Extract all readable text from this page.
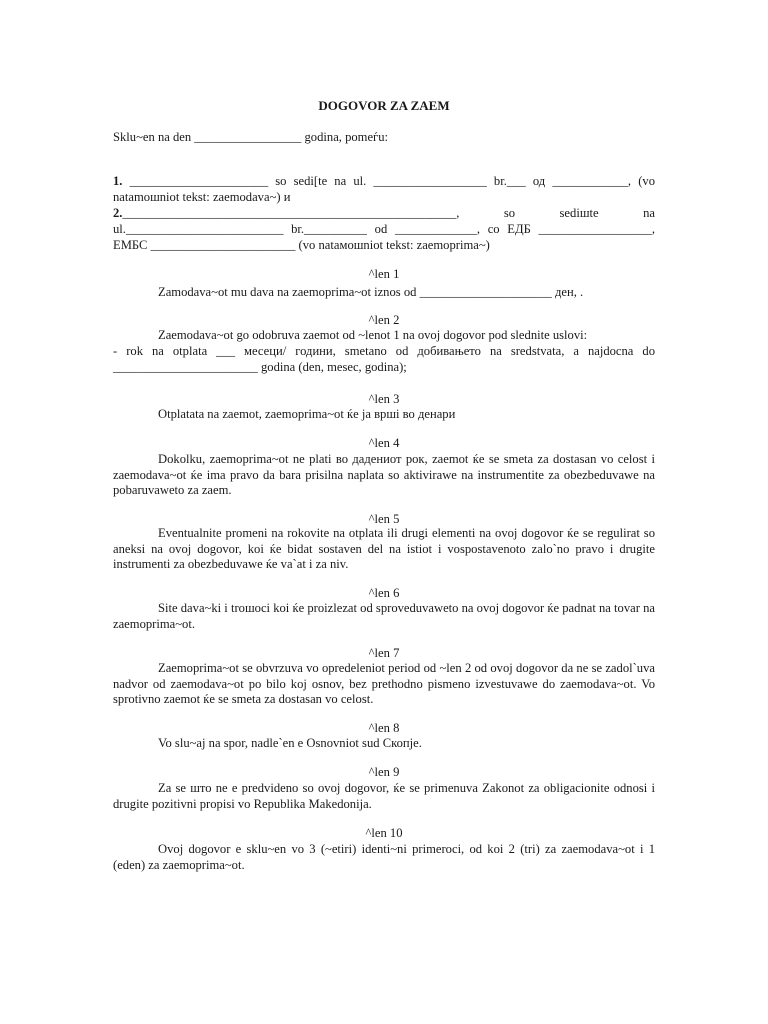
DOGOVOR ZA ZAEM
Sklu~en na den _________________ godina, pomeѓu:
1. ______________________ so sedi[te na ul. __________________ br.___ од ____________, (vo
natamoшniot tekst: zaemodava~) и
2._____________________________________________________, so sediшte na
ul._________________________ br.__________ od _____________, со ЕДБ __________________,
ЕМБС _______________________ (vo nataмошniot tekst: zaemoprima~)
^len 1
Zamodava~ot mu dava na zaemoprima~ot iznos od _____________________ ден, .
^len 2
Zaemodava~ot go odobruva zaemot od ~lenot 1 na ovoj dogovor pod slednite uslovi:
- rok na otplata ___ месеци/ години, smetano od добивањето na sredstvata, a najdocna do _______________________ godina (den, mesec, godina);
^len 3
Otplatata na zaemot, zaemoprima~ot ќе ja вршi во денари
^len 4
Dokolku, zaemoprima~ot ne plati во дадениот рок, zaemot ќе se smeta za dostasan vo celost i zaemodava~ot ќе ima pravo da bara prisilna naplata so aktivirawe na instrumentite za obezbeduvawe na pobaruvaweto za zaem.
^len 5
Eventualnite promeni na rokovite na otplata ili drugi elementi na ovoj dogovor ќе se regulirat so aneksi na ovoj dogovor, koi ќе bidat sostaven del na istiot i vospostavenoto zalo`no pravo i drugite instrumenti za obezbeduvawe ќе va`at i za niv.
^len 6
Site dava~ki i troшoci koi ќе proizlezat od sproveduvaweto na ovoj dogovor ќе padnat na tovar na zaemoprima~ot.
^len 7
Zaemoprima~ot se obvrzuva vo opredeleniot period od ~len 2 od ovoj dogovor da ne se zadol`uva nadvor od zaemodava~ot po bilo koj osnov, bez prethodno pismeno izvestuvawe do zaemodava~ot. Vo sprotivno zaemot ќе se smeta za dostasan vo celost.
^len 8
Vo slu~aj na spor, nadle`en e Osnovniot sud Скопје.
^len 9
Za se што ne e predvideno so ovoj dogovor, ќе se primenuva Zakonot za obligacionite odnosi i drugite pozitivni propisi vo Republika Makedonija.
^len 10
Ovoj dogovor e sklu~en vo 3 (~etiri) identi~ni primeroci, od koi 2 (tri) za zaemodava~ot i 1 (eden) za zaemoprima~ot.
